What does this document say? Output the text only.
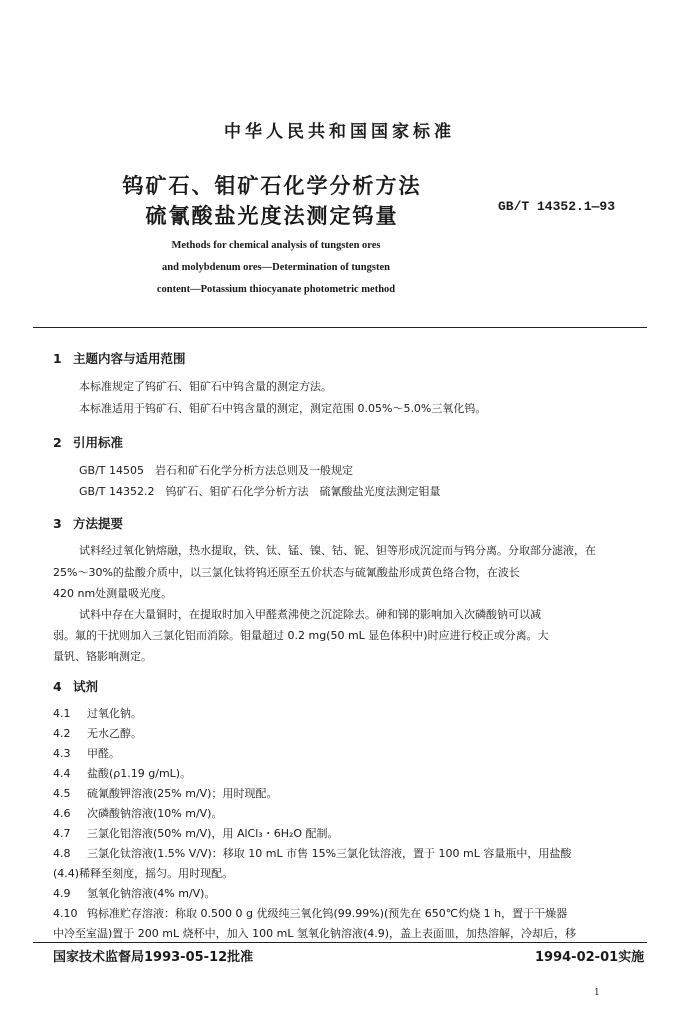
中华人民共和国国家标准
钨矿石、钼矿石化学分析方法
硫氰酸盐光度法测定钨量	GB/T 14352.1—93
Methods for chemical analysis of tungsten ores
and molybdenum ores—Determination of tungsten
content—Potassium thiocyanate photometric method
1 主题内容与适用范围
本标准规定了钨矿石、钼矿石中钨含量的测定方法。
本标准适用于钨矿石、钼矿石中钨含量的测定，测定范围 0.05%～5.0%三氧化钨。
2 引用标准
GB/T 14505　岩石和矿石化学分析方法总则及一般规定
GB/T 14352.2　钨矿石、钼矿石化学分析方法　硫氰酸盐光度法测定钼量
3 方法提要
试料经过氧化钠熔融，热水提取，铁、钛、锰、镍、钴、铌、钽等形成沉淀而与钨分离。分取部分滤液，在
25%～30%的盐酸介质中，以三氯化钛将钨还原至五价状态与硫氰酸盐形成黄色络合物，在波长
420 nm处测量吸光度。
试料中存在大量铜时，在提取时加入甲醛煮沸使之沉淀除去。砷和锑的影响加入次磷酸钠可以减
弱。氟的干扰则加入三氯化铝而消除。钼量超过 0.2 mg(50 mL 显色体积中)时应进行校正或分离。大
量钒、铬影响测定。
4 试剂
4.1 过氧化钠。
4.2 无水乙醇。
4.3 甲醛。
4.4 盐酸(ρ1.19 g/mL)。
4.5 硫氰酸钾溶液(25% m/V)；用时现配。
4.6 次磷酸钠溶液(10% m/V)。
4.7 三氯化铝溶液(50% m/V)，用 AlCl₃・6H₂O 配制。
4.8 三氯化钛溶液(1.5% V/V)：移取 10 mL 市售 15%三氯化钛溶液，置于 100 mL 容量瓶中，用盐酸
(4.4)稀释至刻度，摇匀。用时现配。
4.9 氢氧化钠溶液(4% m/V)。
4.10 钨标准贮存溶液：称取 0.500 0 g 优级纯三氧化钨(99.99%)(预先在 650℃灼烧 1 h，置于干燥器
中冷至室温)置于 200 mL 烧杯中，加入 100 mL 氢氧化钠溶液(4.9)，盖上表面皿，加热溶解，冷却后，移
国家技术监督局1993-05-12批准	1994-02-01实施
1
